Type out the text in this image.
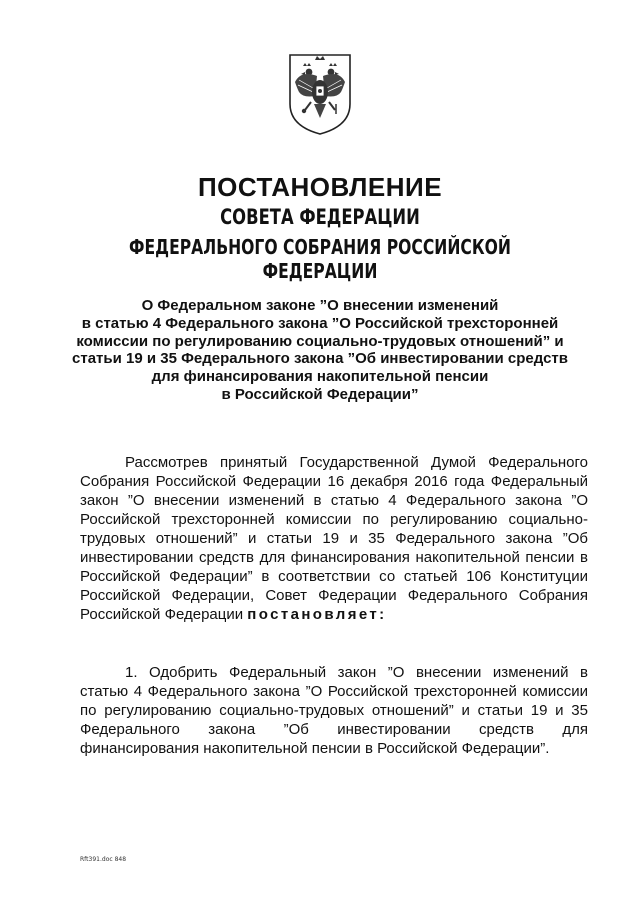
ПОСТАНОВЛЕНИЕ
СОВЕТА ФЕДЕРАЦИИ
ФЕДЕРАЛЬНОГО СОБРАНИЯ РОССИЙСКОЙ ФЕДЕРАЦИИ
О Федеральном законе ”О внесении изменений
в статью 4 Федерального закона ”О Российской трехсторонней
комиссии по регулированию социально-трудовых отношений” и
статьи 19 и 35 Федерального закона ”Об инвестировании средств
для финансирования накопительной пенсии
в Российской Федерации”
Рассмотрев принятый Государственной Думой Федерального Собрания Российской Федерации 16 декабря 2016 года Федеральный закон ”О внесении изменений в статью 4 Федерального закона ”О Российской трехсторонней комиссии по регулированию социально-трудовых отношений” и статьи 19 и 35 Федерального закона ”Об инвестировании средств для финансирования накопительной пенсии в Российской Федерации” в соответствии со статьей 106 Конституции Российской Федерации, Совет Федерации Федерального Собрания Российской Федерации постановляет:
1. Одобрить Федеральный закон ”О внесении изменений в статью 4 Федерального закона ”О Российской трехсторонней комиссии по регулированию социально-трудовых отношений” и статьи 19 и 35 Федерального закона ”Об инвестировании средств для финансирования накопительной пенсии в Российской Федерации”.
Rft391.doc 848
